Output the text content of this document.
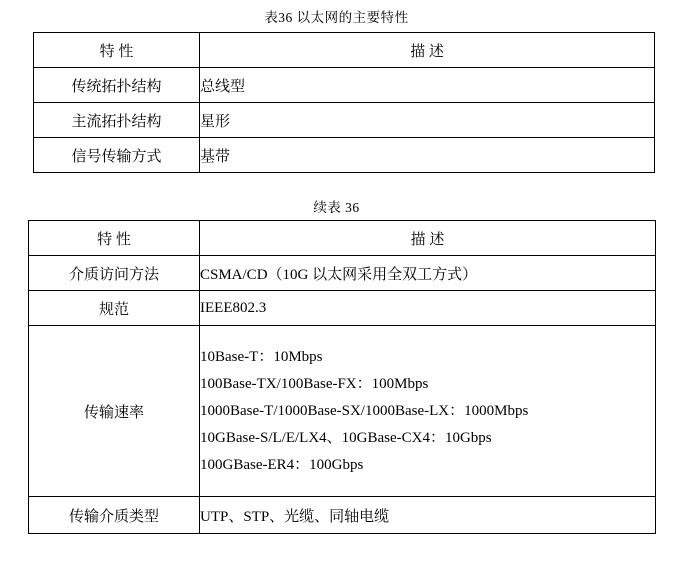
表36 以太网的主要特性
特 性	描 述
传统拓扑结构	总线型
主流拓扑结构	星形
信号传输方式	基带
续表 36
特 性	描 述
介质访问方法	CSMA/CD（10G 以太网采用全双工方式）
规范	IEEE802.3
传输速率	10Base-T：10Mbps
100Base-TX/100Base-FX：100Mbps
1000Base-T/1000Base-SX/1000Base-LX：1000Mbps
10GBase-S/L/E/LX4、10GBase-CX4：10Gbps
100GBase-ER4：100Gbps

传输介质类型	UTP、STP、光缆、同轴电缆
